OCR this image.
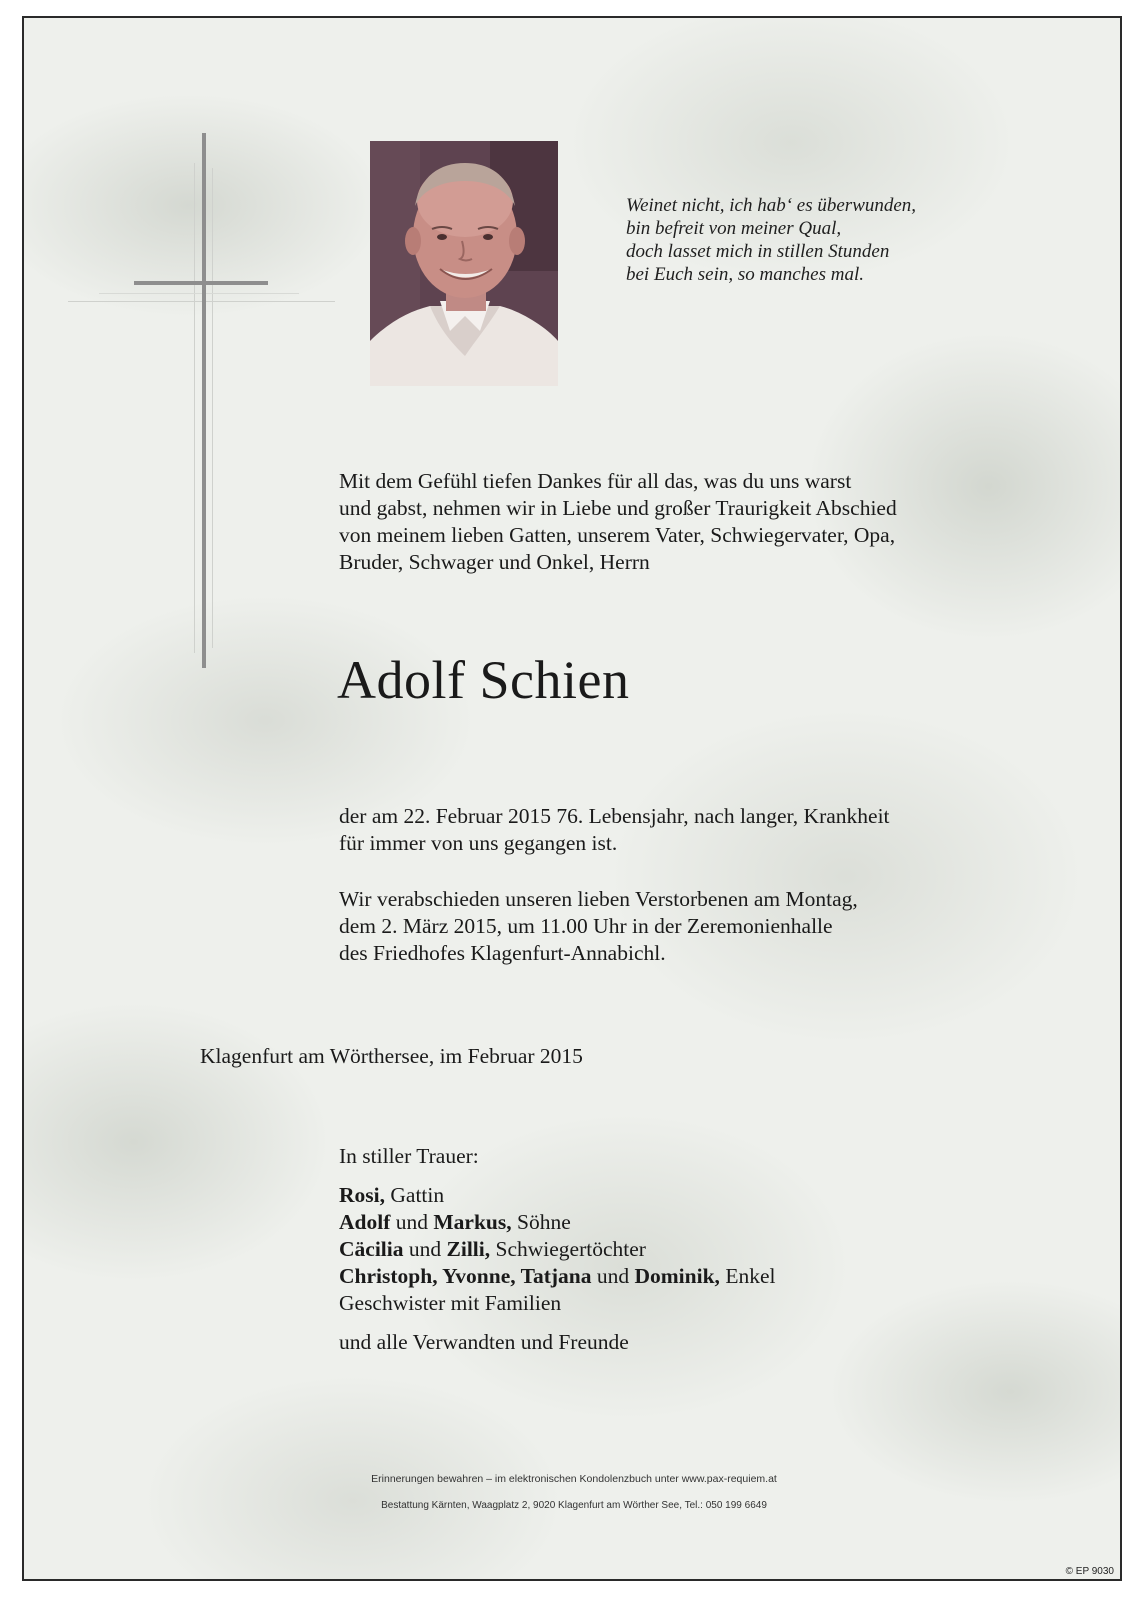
Weinet nicht, ich hab‘ es überwunden,
bin befreit von meiner Qual,
doch lasset mich in stillen Stunden
bei Euch sein, so manches mal.
Mit dem Gefühl tiefen Dankes für all das, was du uns warst
und gabst, nehmen wir in Liebe und großer Traurigkeit Abschied
von meinem lieben Gatten, unserem Vater, Schwiegervater, Opa,
Bruder, Schwager und Onkel, Herrn
Adolf Schien
der am 22. Februar 2015 76. Lebensjahr, nach langer, Krankheit
für immer von uns gegangen ist.
Wir verabschieden unseren lieben Verstorbenen am Montag,
dem 2. März 2015, um 11.00 Uhr in der Zeremonienhalle
des Friedhofes Klagenfurt-Annabichl.
Klagenfurt am Wörthersee, im Februar 2015
In stiller Trauer:
Rosi, Gattin
Adolf und Markus, Söhne
Cäcilia und Zilli, Schwiegertöchter
Christoph, Yvonne, Tatjana und Dominik, Enkel
Geschwister mit Familien
und alle Verwandten und Freunde
Erinnerungen bewahren – im elektronischen Kondolenzbuch unter www.pax-requiem.at
Bestattung Kärnten, Waagplatz 2, 9020 Klagenfurt am Wörther See, Tel.: 050 199 6649
© EP 9030
